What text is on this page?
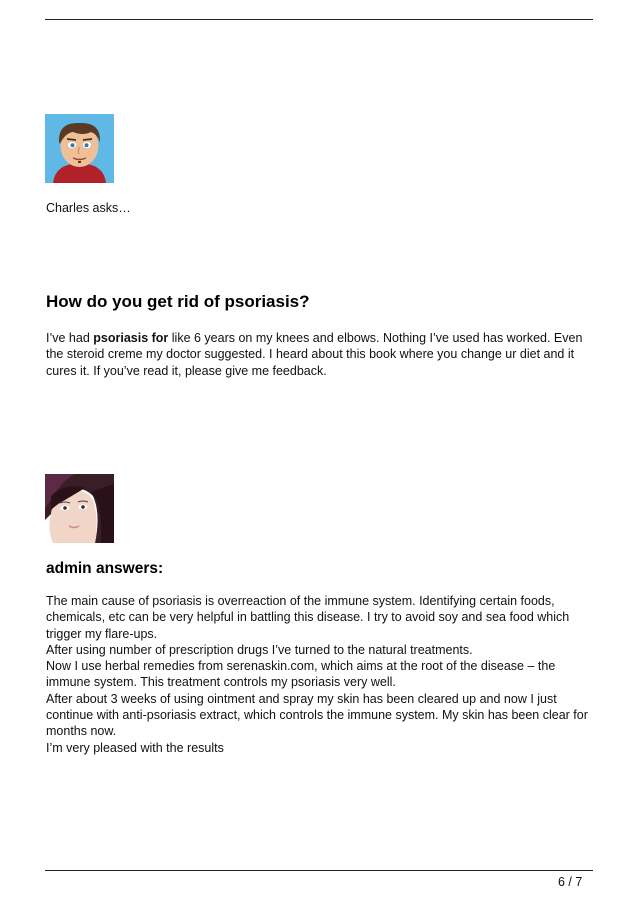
Charles asks…

How do you get rid of psoriasis?

I’ve had psoriasis for like 6 years on my knees and elbows. Nothing I’ve used has worked. Even the steroid creme my doctor suggested. I heard about this book where you change ur diet and it cures it. If you’ve read it, please give me feedback.

admin answers:
The main cause of psoriasis is overreaction of the immune system. Identifying certain foods, chemicals, etc can be very helpful in battling this disease. I try to avoid soy and sea food which trigger my flare-ups.
After using number of prescription drugs I’ve turned to the natural treatments.
Now I use herbal remedies from serenaskin.com, which aims at the root of the disease – the immune system. This treatment controls my psoriasis very well.
After about 3 weeks of using ointment and spray my skin has been cleared up and now I just continue with anti-psoriasis extract, which controls the immune system. My skin has been clear for months now.
I’m very pleased with the results

6 / 7
